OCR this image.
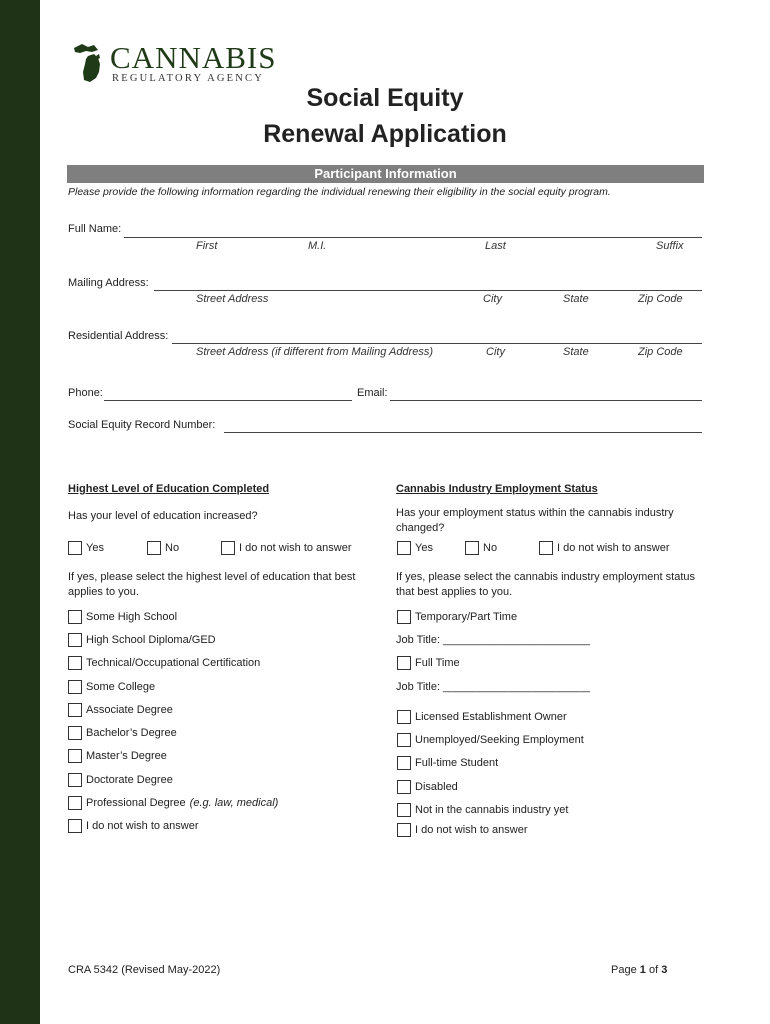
CANNABIS
REGULATORY AGENCY
Social Equity
Renewal Application
Participant Information
Please provide the following information regarding the individual renewing their eligibility in the social equity program.
Full Name:
First	M.I.	Last	Suffix
Mailing Address:
Street Address	City	State	Zip Code
Residential Address:
Street Address (if different from Mailing Address)	City	State	Zip Code
Phone:	Email:
Social Equity Record Number:
Highest Level of Education Completed
Has your level of education increased?
Yes	No	I do not wish to answer
If yes, please select the highest level of education that best applies to you.
Some High School
High School Diploma/GED
Technical/Occupational Certification
Some College
Associate Degree
Bachelor’s Degree
Master’s Degree
Doctorate Degree
Professional Degree (e.g. law, medical)
I do not wish to answer
Cannabis Industry Employment Status
Has your employment status within the cannabis industry changed?
Yes	No	I do not wish to answer
If yes, please select the cannabis industry employment status that best applies to you.
Temporary/Part Time
Job Title: ________________________
Full Time
Job Title: ________________________
Licensed Establishment Owner
Unemployed/Seeking Employment
Full-time Student
Disabled
Not in the cannabis industry yet
I do not wish to answer
CRA 5342 (Revised May-2022)	Page 1 of 3
